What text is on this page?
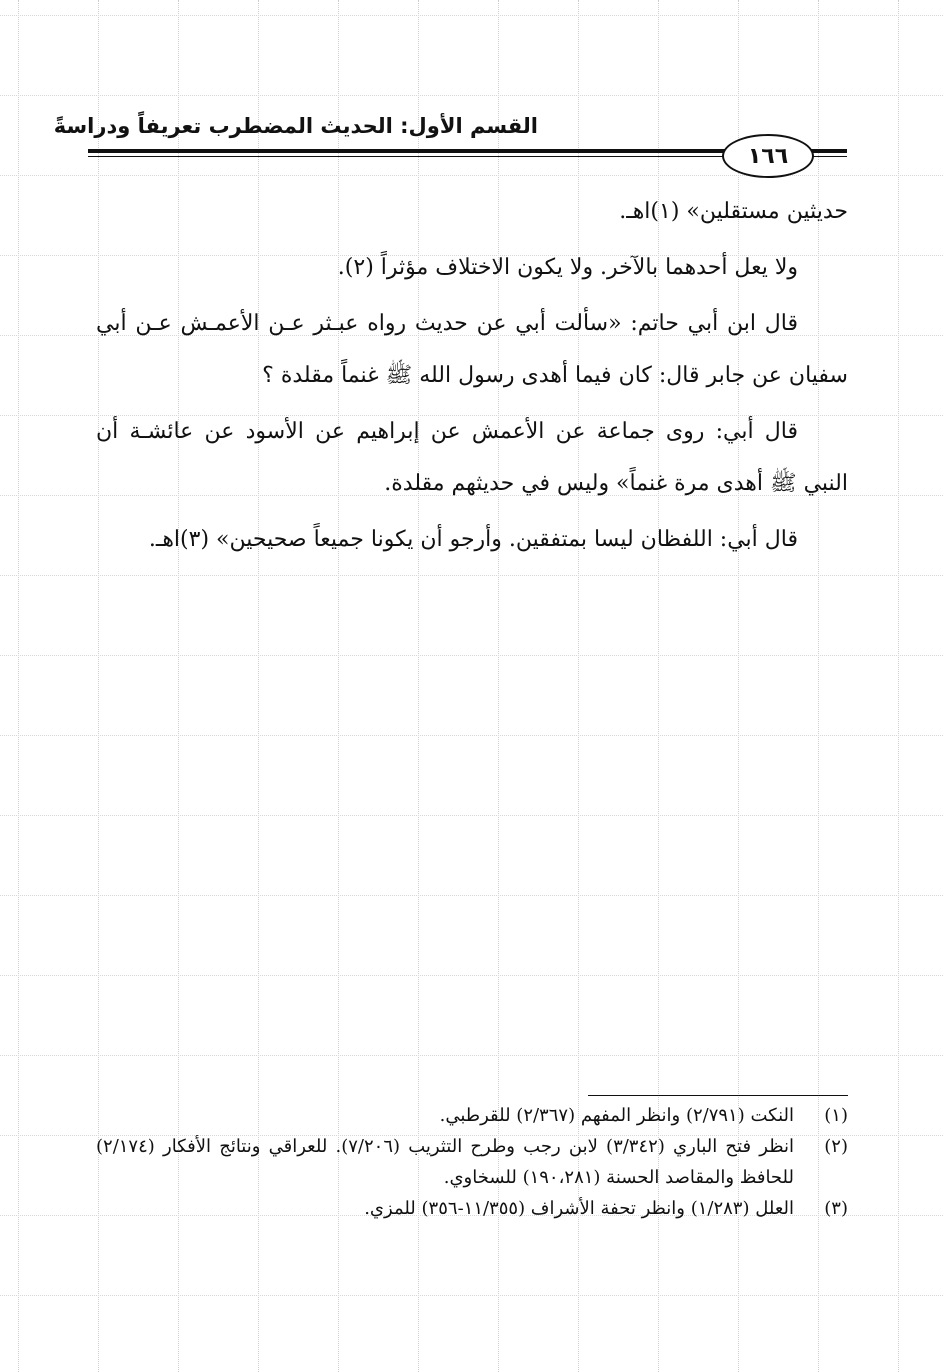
القسم الأول: الحديث المضطرب تعريفاً ودراسةً
١٦٦

حديثين مستقلين» (١)اهـ.

ولا يعل أحدهما بالآخر. ولا يكون الاختلاف مؤثراً (٢).

قال ابن أبي حاتم: «سألت أبي عن حديث رواه عبـثر عـن الأعمـش عـن أبي سفيان عن جابر قال: كان فيما أهدى رسول الله ﷺ غنماً مقلدة ؟

قال أبي: روى جماعة عن الأعمش عن إبراهيم عن الأسود عن عائشـة أن النبي ﷺ أهدى مرة غنماً» وليس في حديثهم مقلدة.

قال أبي: اللفظان ليسا بمتفقين. وأرجو أن يكونا جميعاً صحيحين» (٣)اهـ.

(١)
النكت (٢/٧٩١) وانظر المفهم (٢/٣٦٧) للقرطبي.
(٢)
انظر فتح الباري (٣/٣٤٢) لابن رجب وطرح التثريب (٧/٢٠٦). للعراقي ونتائج الأفكار (٢/١٧٤) للحافظ والمقاصد الحسنة (١٩٠،٢٨١) للسخاوي.
(٣)
العلل (١/٢٨٣) وانظر تحفة الأشراف (١١/٣٥٥-٣٥٦) للمزي.
